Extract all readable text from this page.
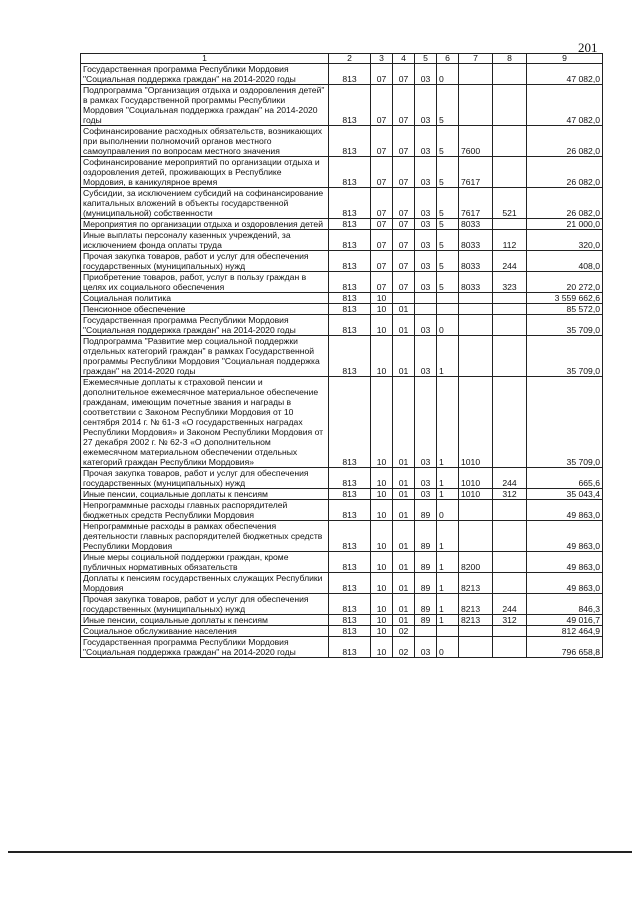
201
1	2	3	4	5	6	7	8	9
Государственная программа Республики Мордовия "Социальная поддержка граждан" на 2014-2020 годы	813	07	07	03	0			47 082,0
Подпрограмма "Организация отдыха и оздоровления детей" в рамках Государственной программы Республики Мордовия "Социальная поддержка граждан" на 2014-2020 годы	813	07	07	03	5			47 082,0
Софинансирование расходных обязательств, возникающих при выполнении полномочий органов местного самоуправления по вопросам местного значения	813	07	07	03	5	7600		26 082,0
Софинансирование мероприятий по организации отдыха и оздоровления детей, проживающих в Республике Мордовия, в каникулярное время	813	07	07	03	5	7617		26 082,0
Субсидии, за исключением субсидий на софинансирование капитальных вложений в объекты государственной (муниципальной) собственности	813	07	07	03	5	7617	521	26 082,0
Мероприятия по организации отдыха и оздоровления детей	813	07	07	03	5	8033		21 000,0
Иные выплаты персоналу казенных учреждений, за исключением фонда оплаты труда	813	07	07	03	5	8033	112	320,0
Прочая закупка товаров, работ и услуг для обеспечения государственных (муниципальных) нужд	813	07	07	03	5	8033	244	408,0
Приобретение товаров, работ, услуг в пользу граждан в целях их социального обеспечения	813	07	07	03	5	8033	323	20 272,0
Социальная политика	813	10						3 559 662,6
Пенсионное обеспечение	813	10	01					85 572,0
Государственная программа Республики Мордовия "Социальная поддержка граждан" на 2014-2020 годы	813	10	01	03	0			35 709,0
Подпрограмма "Развитие мер социальной поддержки отдельных категорий граждан" в рамках Государственной программы Республики Мордовия "Социальная поддержка граждан" на 2014-2020 годы	813	10	01	03	1			35 709,0
Ежемесячные доплаты к страховой пенсии и дополнительное ежемесячное материальное обеспечение гражданам, имеющим почетные звания и награды в соответствии с Законом Республики Мордовия от 10 сентября 2014 г. № 61-З «О государственных наградах Республики Мордовия» и Законом Республики Мордовия от 27 декабря 2002 г. № 62-З «О дополнительном ежемесячном материальном обеспечении отдельных категорий граждан Республики Мордовия»	813	10	01	03	1	1010		35 709,0
Прочая закупка товаров, работ и услуг для обеспечения государственных (муниципальных) нужд	813	10	01	03	1	1010	244	665,6
Иные пенсии, социальные доплаты к пенсиям	813	10	01	03	1	1010	312	35 043,4
Непрограммные расходы главных распорядителей бюджетных средств Республики Мордовия	813	10	01	89	0			49 863,0
Непрограммные расходы в рамках обеспечения деятельности главных распорядителей бюджетных средств Республики Мордовия	813	10	01	89	1			49 863,0
Иные меры социальной поддержки граждан, кроме публичных нормативных обязательств	813	10	01	89	1	8200		49 863,0
Доплаты к пенсиям государственных служащих Республики Мордовия	813	10	01	89	1	8213		49 863,0
Прочая закупка товаров, работ и услуг для обеспечения государственных (муниципальных) нужд	813	10	01	89	1	8213	244	846,3
Иные пенсии, социальные доплаты к пенсиям	813	10	01	89	1	8213	312	49 016,7
Социальное обслуживание населения	813	10	02					812 464,9
Государственная программа Республики Мордовия "Социальная поддержка граждан" на 2014-2020 годы	813	10	02	03	0			796 658,8
